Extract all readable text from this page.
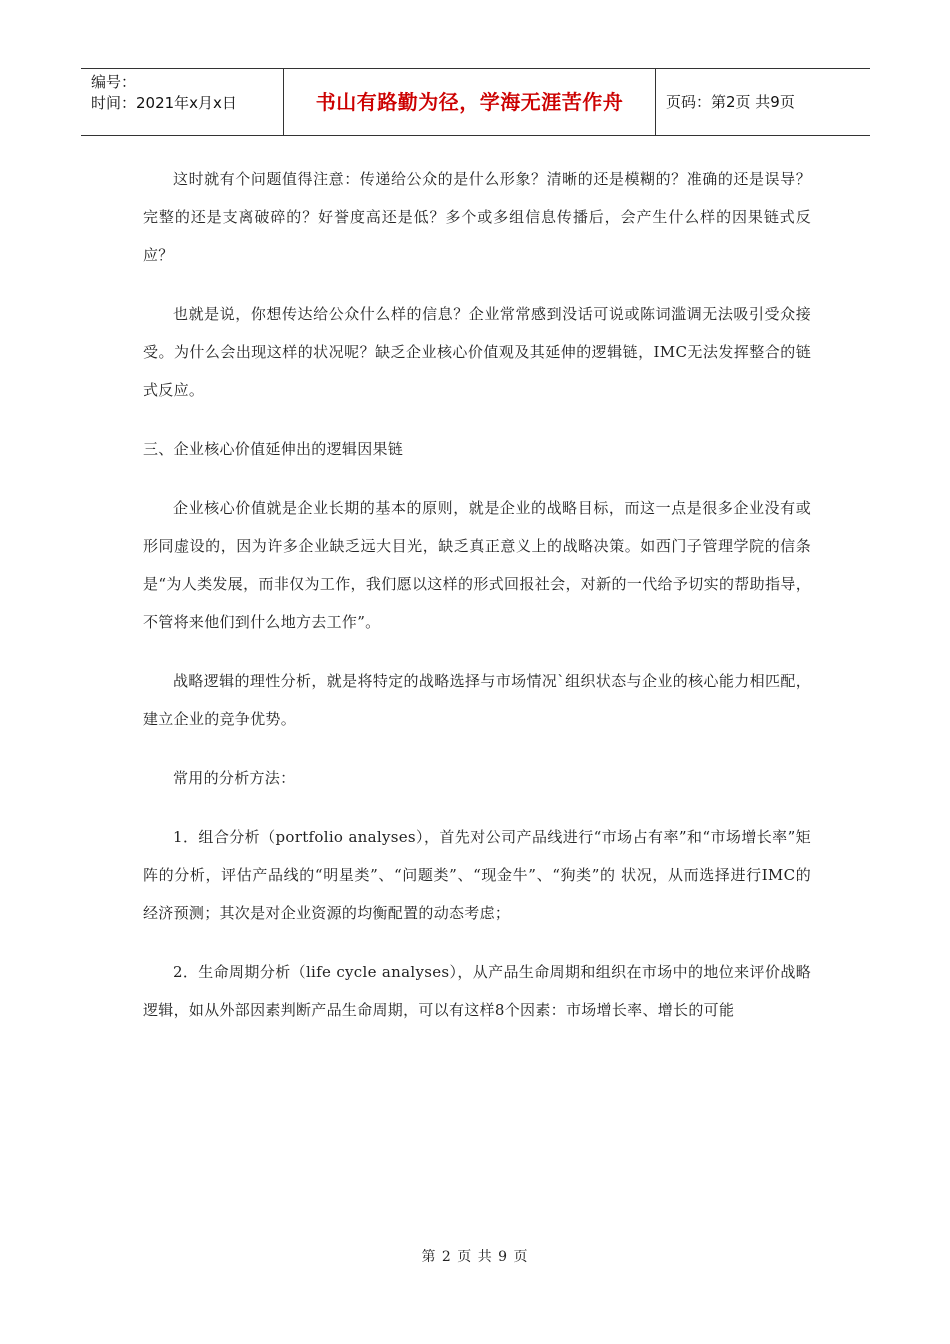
编号：
时间：2021年x月x日	书山有路勤为径，学海无涯苦作舟	页码：第2页 共9页

这时就有个问题值得注意：传递给公众的是什么形象？清晰的还是模糊的？准确的还是误导？完整的还是支离破碎的？好誉度高还是低？多个或多组信息传播后，会产生什么样的因果链式反应？

也就是说，你想传达给公众什么样的信息？企业常常感到没话可说或陈词滥调无法吸引受众接受。为什么会出现这样的状况呢？缺乏企业核心价值观及其延伸的逻辑链，IMC无法发挥整合的链式反应。

三、企业核心价值延伸出的逻辑因果链

企业核心价值就是企业长期的基本的原则，就是企业的战略目标，而这一点是很多企业没有或形同虚设的，因为许多企业缺乏远大目光，缺乏真正意义上的战略决策。如西门子管理学院的信条是“为人类发展，而非仅为工作，我们愿以这样的形式回报社会，对新的一代给予切实的帮助指导，不管将来他们到什么地方去工作”。

战略逻辑的理性分析，就是将特定的战略选择与市场情况`组织状态与企业的核心能力相匹配，建立企业的竞争优势。

常用的分析方法：

1．组合分析（portfolio analyses），首先对公司产品线进行“市场占有率”和“市场增长率”矩阵的分析，评估产品线的“明星类”、“问题类”、“现金牛”、“狗类”的 状况，从而选择进行IMC的经济预测；其次是对企业资源的均衡配置的动态考虑；

2．生命周期分析（life cycle analyses），从产品生命周期和组织在市场中的地位来评价战略逻辑，如从外部因素判断产品生命周期，可以有这样8个因素：市场增长率、增长的可能

第 2 页 共 9 页
